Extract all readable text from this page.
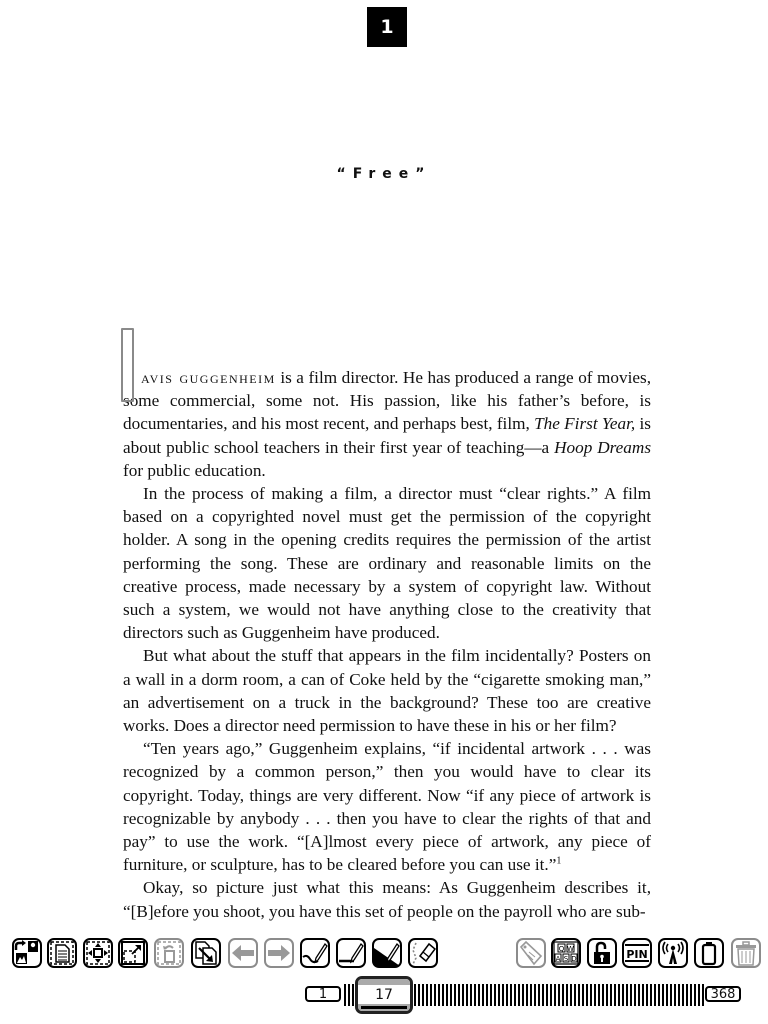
1
“Free”

avis guggenheim is a film director. He has produced a range of movies, some commercial, some not. His passion, like his father’s before, is documentaries, and his most recent, and perhaps best, film, The First Year, is about public school teachers in their first year of teaching—a Hoop Dreams for public education.

In the process of making a film, a director must “clear rights.” A film based on a copyrighted novel must get the permission of the copyright holder. A song in the opening credits requires the permission of the artist performing the song. These are ordinary and reasonable limits on the creative process, made necessary by a system of copyright law. Without such a system, we would not have anything close to the creativity that directors such as Guggenheim have produced.

But what about the stuff that appears in the film incidentally? Posters on a wall in a dorm room, a can of Coke held by the “cigarette smoking man,” an advertisement on a truck in the background? These too are creative works. Does a director need permission to have these in his or her film?

“Ten years ago,” Guggenheim explains, “if incidental artwork . . . was recognized by a common person,” then you would have to clear its copyright. Today, things are very different. Now “if any piece of artwork is recognizable by anybody . . . then you have to clear the rights of that and pay” to use the work. “[A]lmost every piece of artwork, any piece of furniture, or sculpture, has to be cleared before you can use it.”$^1$

Okay, so picture just what this means: As Guggenheim describes it, “[B]efore you shoot, you have this set of people on the payroll who are sub-

Q W
A S D	PIN
1	17	368
